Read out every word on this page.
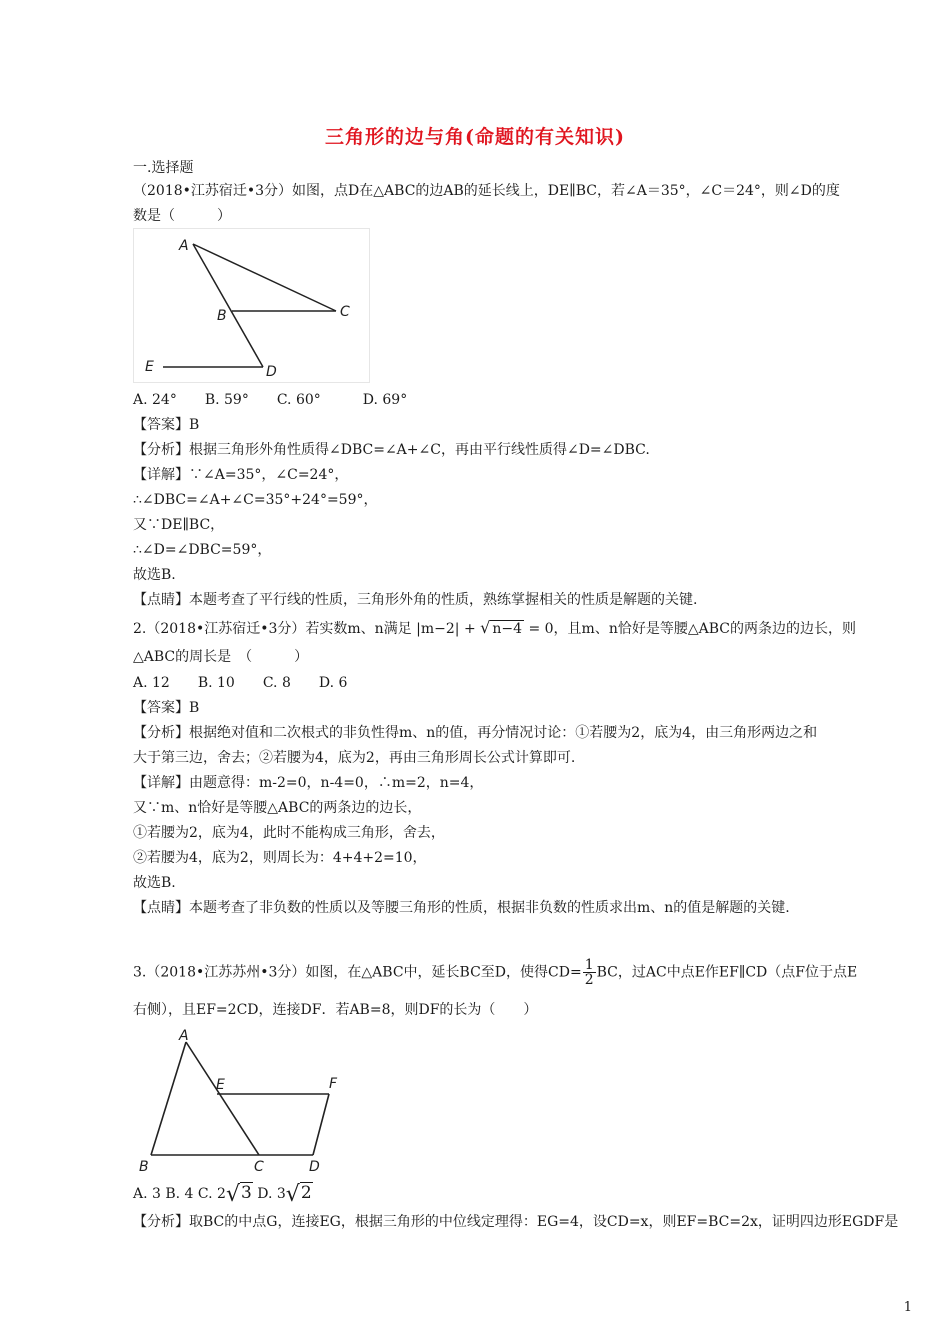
三角形的边与角(命题的有关知识)
一.选择题
（2018•江苏宿迁•3分）如图，点D在△ABC的边AB的延长线上，DE∥BC，若∠A＝35°，∠C＝24°，则∠D的度
数是（　　　）
A
B	C
D
E
A. 24°　　B. 59°　　C. 60°　　　D. 69°
【答案】B
【分析】根据三角形外角性质得∠DBC=∠A+∠C，再由平行线性质得∠D=∠DBC.
【详解】∵∠A=35°，∠C=24°，
∴∠DBC=∠A+∠C=35°+24°=59°，
又∵DE∥BC，
∴∠D=∠DBC=59°，
故选B.
【点睛】本题考查了平行线的性质，三角形外角的性质，熟练掌握相关的性质是解题的关键.
2.（2018•江苏宿迁•3分）若实数m、n满足 |m−2| + √ n−4 = 0，且m、n恰好是等腰△ABC的两条边的边长，则
△ABC的周长是　（　　　）
A. 12　　B. 10　　C. 8　　D. 6
【答案】B
【分析】根据绝对值和二次根式的非负性得m、n的值，再分情况讨论：①若腰为2，底为4，由三角形两边之和
大于第三边，舍去；②若腰为4，底为2，再由三角形周长公式计算即可.
【详解】由题意得：m-2=0，n-4=0，∴m=2，n=4，
又∵m、n恰好是等腰△ABC的两条边的边长，
①若腰为2，底为4，此时不能构成三角形，舍去，
②若腰为4，底为2，则周长为：4+4+2=10，
故选B.
【点睛】本题考查了非负数的性质以及等腰三角形的性质，根据非负数的性质求出m、n的值是解题的关键.
3.（2018•江苏苏州•3分）如图，在△ABC中，延长BC至D，使得$CD= \frac{1}{2}$ BC，过AC中点E作EF∥CD（点F位于点E
右侧），且EF=2CD，连接DF．若AB=8，则DF的长为（　　）
A
E	F
B	C	D
A. 3 B. 4 C. 2√3 D. 3√2
【分析】取BC的中点G，连接EG，根据三角形的中位线定理得：EG=4，设CD=x，则EF=BC=2x，证明四边形EGDF是
1
